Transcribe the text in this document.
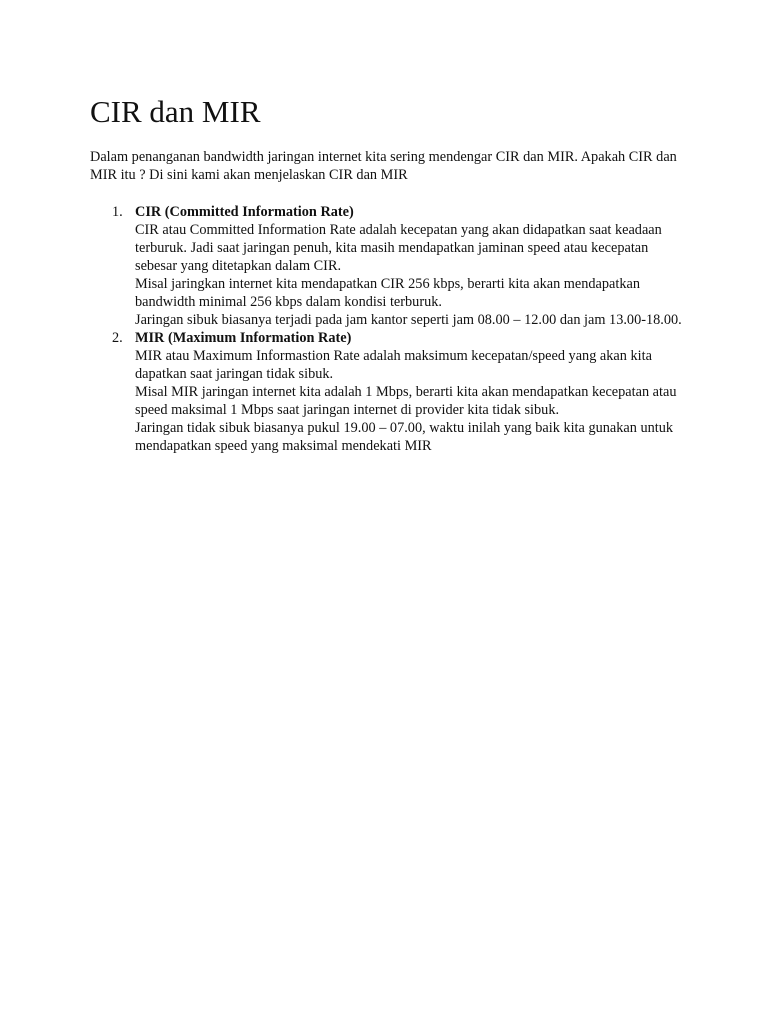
CIR dan MIR

Dalam penanganan bandwidth jaringan internet kita sering mendengar CIR dan MIR. Apakah CIR dan MIR itu ? Di sini kami akan menjelaskan CIR dan MIR

1. CIR (Committed Information Rate)
CIR atau Committed Information Rate adalah kecepatan yang akan didapatkan saat keadaan terburuk. Jadi saat jaringan penuh, kita masih mendapatkan jaminan speed atau kecepatan sebesar yang ditetapkan dalam CIR.
Misal jaringkan internet kita mendapatkan CIR 256 kbps, berarti kita akan mendapatkan bandwidth minimal 256 kbps dalam kondisi terburuk.
Jaringan sibuk biasanya terjadi pada jam kantor seperti jam 08.00 – 12.00 dan jam 13.00-18.00.
2. MIR (Maximum Information Rate)
MIR atau Maximum Informastion Rate adalah maksimum kecepatan/speed yang akan kita dapatkan saat jaringan tidak sibuk.
Misal MIR jaringan internet kita adalah 1 Mbps, berarti kita akan mendapatkan kecepatan atau speed maksimal 1 Mbps saat jaringan internet di provider kita tidak sibuk.
Jaringan tidak sibuk biasanya pukul 19.00 – 07.00, waktu inilah yang baik kita gunakan untuk mendapatkan speed yang maksimal mendekati MIR
